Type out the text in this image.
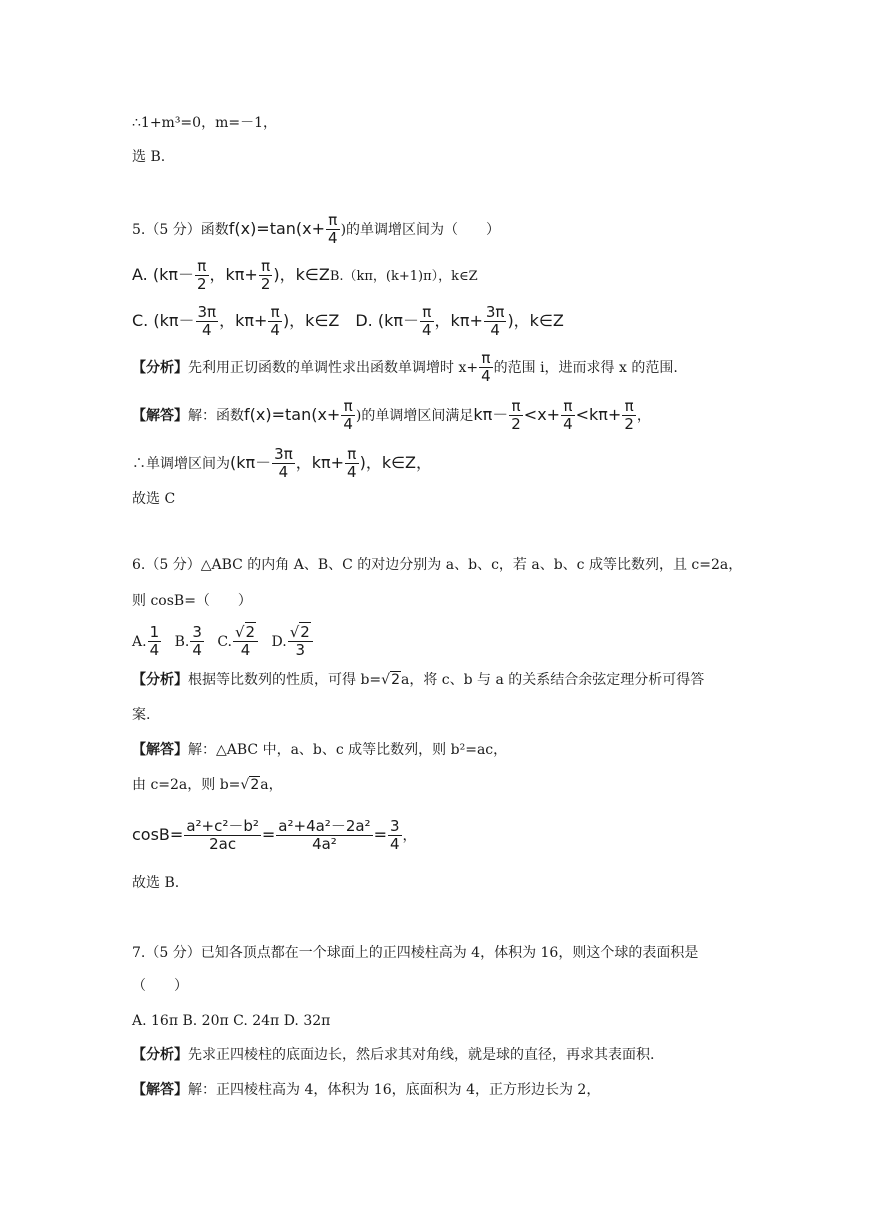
∴1+m³=0，m=－1，
选 B.
5.（5 分）函数$f(x)=\tan(x+ \frac{\pi}{4}$ )的单调增区间为（　　）
A. ($k\pi- \frac{\pi}{2}$ ，$k\pi+ \frac{\pi}{2}$ )，k∈ZB.（kπ，(k+1)π），k∈Z
C. ($k\pi- \frac{3\pi}{4}$ ，$k\pi+ \frac{\pi}{4}$ )，k∈Z D. ($k\pi- \frac{\pi}{4}$ ，$k\pi+ \frac{3\pi}{4}$ )，k∈Z
【分析】先利用正切函数的单调性求出函数单调增时 $x+ \frac{\pi}{4}$ 的范围 i，进而求得 x 的范围.
【解答】解：函数$f(x)=\tan(x+ \frac{\pi}{4}$ )的单调增区间满足$k\pi- \frac{\pi}{2} <x+ \frac{\pi}{4} <k\pi+ \frac{\pi}{2}$ ，
∴单调增区间为($k\pi- \frac{3\pi}{4}$ ，$k\pi+ \frac{\pi}{4}$ )，k∈Z，
故选 C
6.（5 分）△ABC 的内角 A、B、C 的对边分别为 a、b、c，若 a、b、c 成等比数列，且 c=2a，
则 cosB=（　　）
A. $\frac{1}{4} B$. $\frac{3}{4} C$. $\frac{√2}{4} D$. $\frac{√2}{3}$
【分析】根据等比数列的性质，可得 b=√2a，将 c、b 与 a 的关系结合余弦定理分析可得答
案.
【解答】解：△ABC 中，a、b、c 成等比数列，则 b²=ac，
由 c=2a，则 b=√2a，
$\cos B= \frac{\text{a²+c²－b²}}{2ac} = \frac{\text{a²+4a²－2a²}}{\text{4a²}} = \frac{3}{4}$ ，
故选 B.
7.（5 分）已知各顶点都在一个球面上的正四棱柱高为 4，体积为 16，则这个球的表面积是
（　　）
A. 16π B. 20π C. 24π D. 32π
【分析】先求正四棱柱的底面边长，然后求其对角线，就是球的直径，再求其表面积.
【解答】解：正四棱柱高为 4，体积为 16，底面积为 4，正方形边长为 2，
